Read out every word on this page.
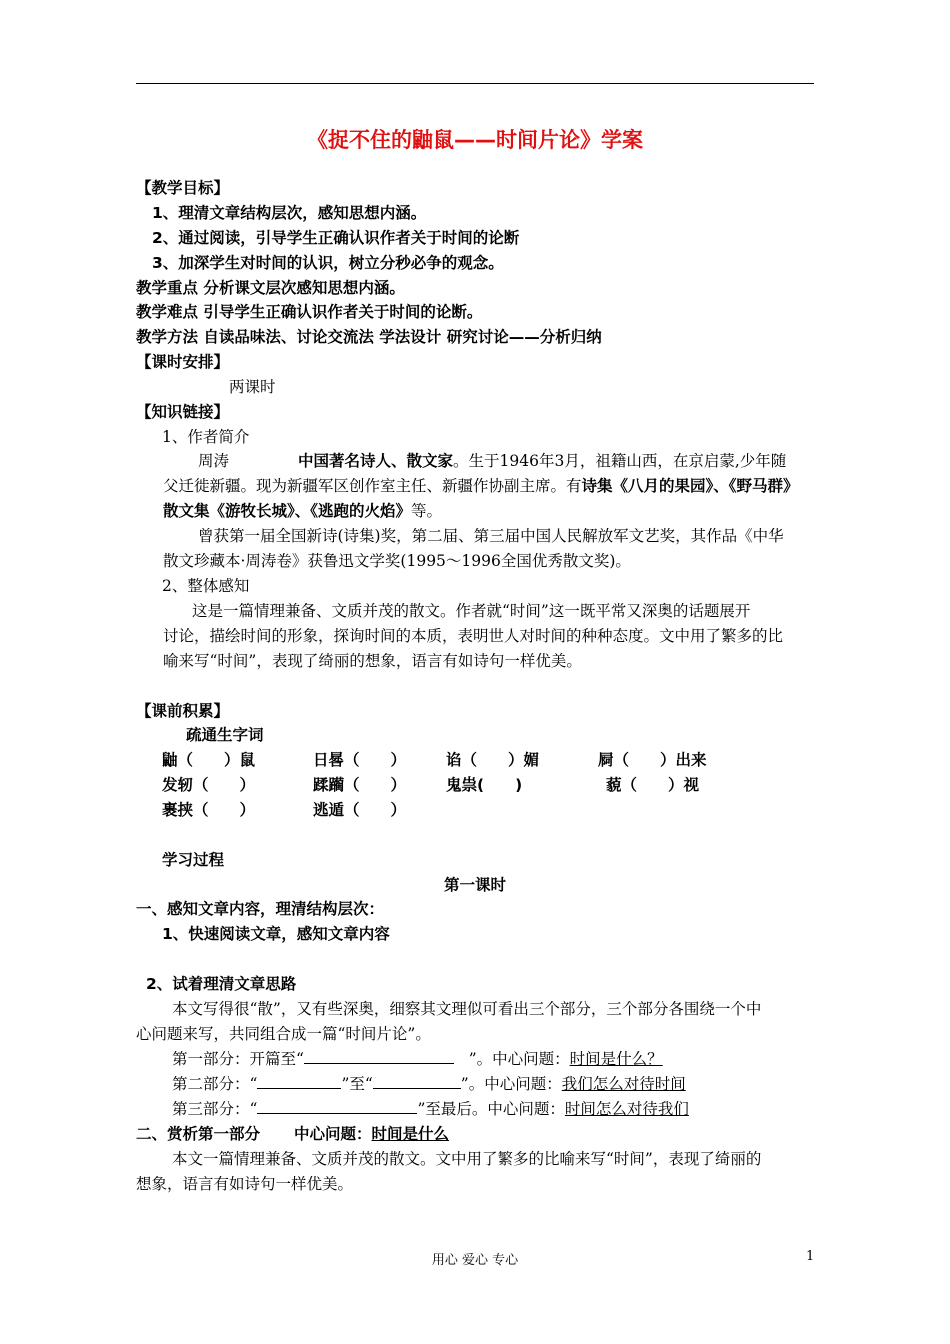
《捉不住的鼬鼠——时间片论》学案
【教学目标】
1、理清文章结构层次，感知思想内涵。
2、通过阅读，引导学生正确认识作者关于时间的论断
3、加深学生对时间的认识，树立分秒必争的观念。
教学重点 分析课文层次感知思想内涵。
教学难点 引导学生正确认识作者关于时间的论断。
教学方法 自读品味法、讨论交流法 学法设计 研究讨论——分析归纳
【课时安排】
两课时
【知识链接】
1、作者简介
周涛	中国著名诗人、散文家。生于1946年3月，祖籍山西，在京启蒙,少年随
父迁徙新疆。现为新疆军区创作室主任、新疆作协副主席。有诗集《八月的果园》、《野马群》
散文集《游牧长城》、《逃跑的火焰》等。
曾获第一届全国新诗(诗集)奖，第二届、第三届中国人民解放军文艺奖，其作品《中华
散文珍藏本·周涛卷》获鲁迅文学奖(1995～1996全国优秀散文奖)。
2、整体感知
这是一篇情理兼备、文质并茂的散文。作者就“时间”这一既平常又深奥的话题展开
讨论，描绘时间的形象，探询时间的本质，表明世人对时间的种种态度。文中用了繁多的比
喻来写“时间”，表现了绮丽的想象，语言有如诗句一样优美。
【课前积累】
疏通生字词
鼬（　　）鼠	日晷（　　）	谄（　　）媚	屙（　　）出来
发轫（　　）	蹂躏（　　）	鬼祟(　　)	藐（　　）视
裹挟（　　）	逃遁（　　）
学习过程
第一课时
一、感知文章内容，理清结构层次：
1、快速阅读文章，感知文章内容
2、试着理清文章思路
本文写得很“散”，又有些深奥，细察其文理似可看出三个部分，三个部分各围绕一个中
心问题来写，共同组合成一篇“时间片论”。
第一部分：开篇至“	”。中心问题：时间是什么？
第二部分：“	”至“	”。中心问题：我们怎么对待时间
第三部分：“	”至最后。中心问题：时间怎么对待我们
二、赏析第一部分 中心问题：时间是什么
本文一篇情理兼备、文质并茂的散文。文中用了繁多的比喻来写“时间”，表现了绮丽的
想象，语言有如诗句一样优美。
用心 爱心 专心	1
